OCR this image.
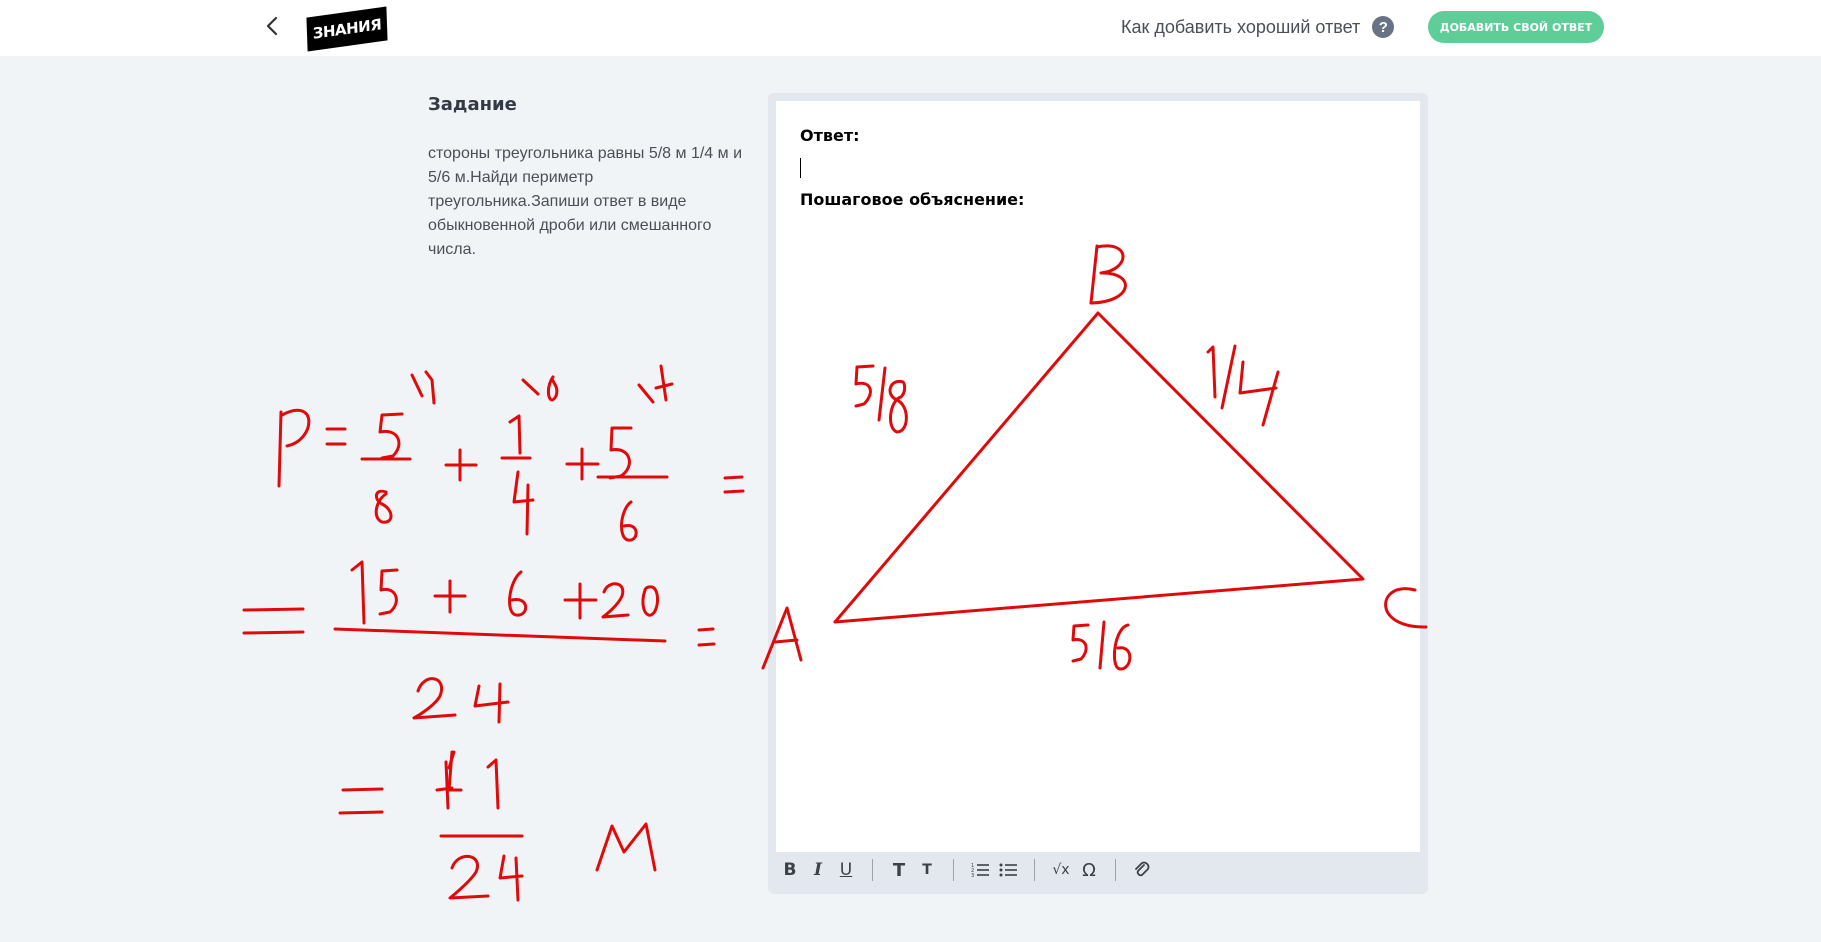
ЗНАНИЯ	Как добавить хороший ответ	?	ДОБАВИТЬ СВОЙ ОТВЕТ
Задание
стороны треугольника равны 5/8 м 1/4 м и 5/6 м.Найди периметр треугольника.Запиши ответ в виде обыкновенной дроби или смешанного числа.
Ответ:
Пошаговое объяснение:
B	I	U	T	T	1
2
3	√x Ω
